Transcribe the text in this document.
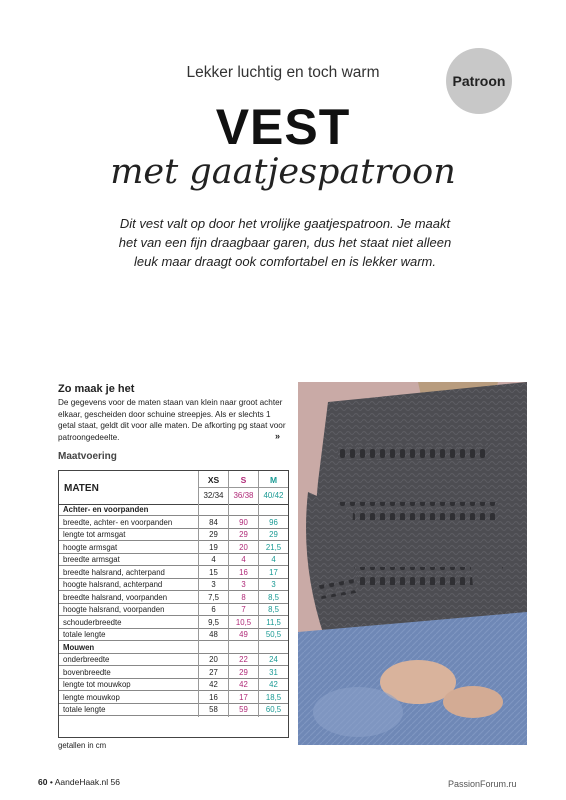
Lekker luchtig en toch warm	Patroon
VEST
met gaatjespatroon
Dit vest valt op door het vrolijke gaatjespatroon. Je maakt het van een fijn draagbaar garen, dus het staat niet alleen leuk maar draagt ook comfortabel en is lekker warm.
Zo maak je het
De gegevens voor de maten staan van klein naar groot achter elkaar, gescheiden door schuine streepjes. Als er slechts 1 getal staat, geldt dit voor alle maten. De afkorting pg staat voor patroongedeelte.	»
Maatvoering
MATEN
XS	S	M
32/34	36/38	40/42
Achter- en voorpanden
breedte, achter- en voorpanden	84	90	96
lengte tot armsgat	29	29	29
hoogte armsgat	19	20	21,5
breedte armsgat	4	4	4
breedte halsrand, achterpand	15	16	17
hoogte halsrand, achterpand	3	3	3
breedte halsrand, voorpanden	7,5	8	8,5
hoogte halsrand, voorpanden	6	7	8,5
schouderbreedte	9,5	10,5	11,5
totale lengte	48	49	50,5
Mouwen
onderbreedte	20	22	24
bovenbreedte	27	29	31
lengte tot mouwkop	42	42	42
lengte mouwkop	16	17	18,5
totale lengte	58	59	60,5
getallen in cm
60 • AandeHaak.nl 56	PassionForum.ru
